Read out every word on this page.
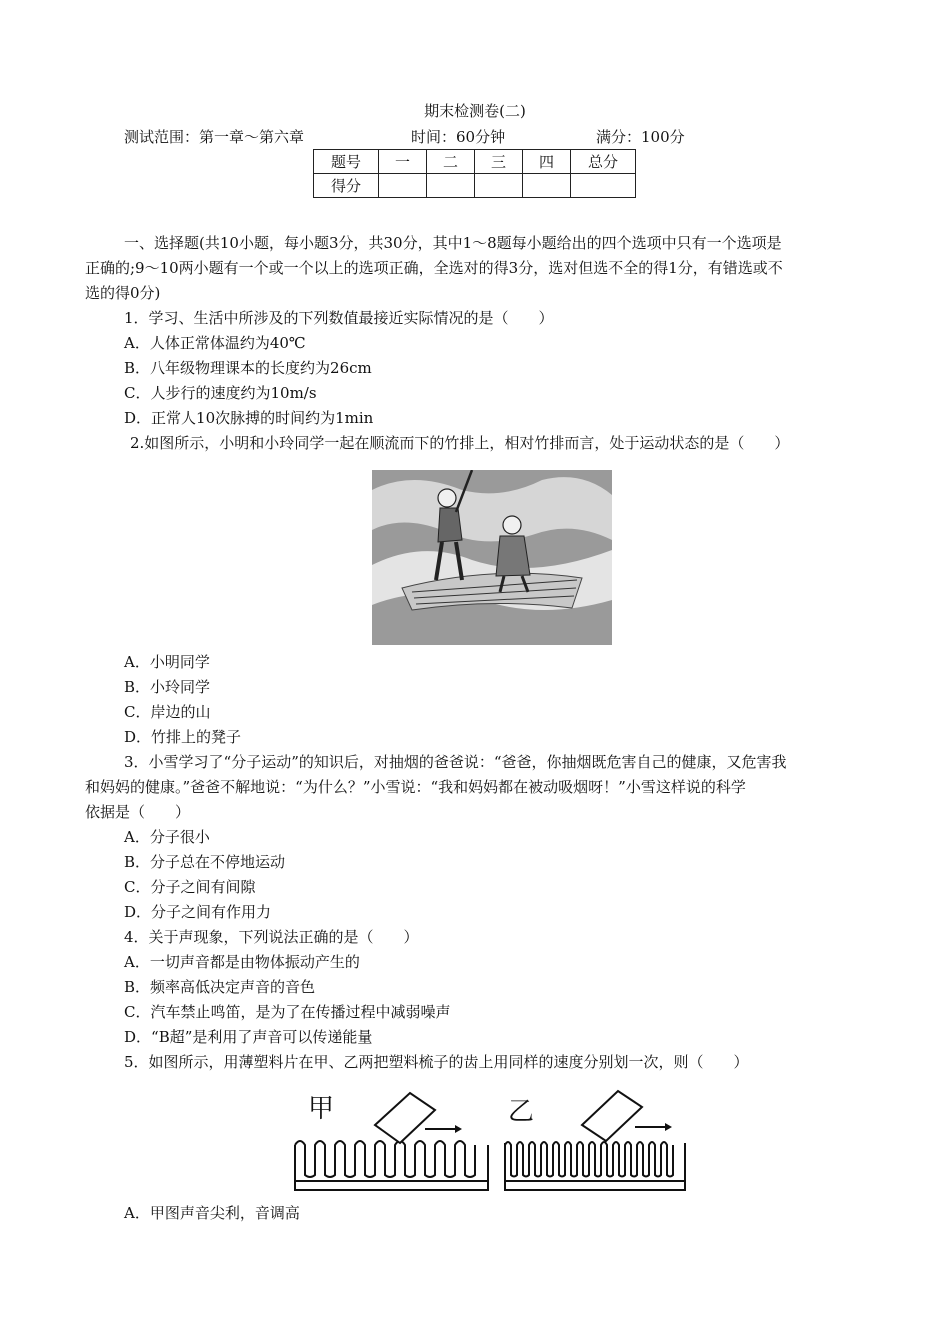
期末检测卷(二)
测试范围：第一章～第六章	时间：60分钟	满分：100分
题号	一	二	三	四	总分
得分					
一、选择题(共10小题，每小题3分，共30分，其中1～8题每小题给出的四个选项中只有一个选项是
正确的;9～10两小题有一个或一个以上的选项正确，全选对的得3分，选对但选不全的得1分，有错选或不
选的得0分)
1．学习、生活中所涉及的下列数值最接近实际情况的是（　　）
A．人体正常体温约为40℃
B．八年级物理课本的长度约为26cm
C．人步行的速度约为10m/s
D．正常人10次脉搏的时间约为1min
2.如图所示，小明和小玲同学一起在顺流而下的竹排上，相对竹排而言，处于运动状态的是（　　）
A．小明同学
B．小玲同学
C．岸边的山
D．竹排上的凳子
3．小雪学习了“分子运动”的知识后，对抽烟的爸爸说：“爸爸，你抽烟既危害自己的健康，又危害我
和妈妈的健康。”爸爸不解地说：“为什么？”小雪说：“我和妈妈都在被动吸烟呀！”小雪这样说的科学
依据是（　　）
A．分子很小
B．分子总在不停地运动
C．分子之间有间隙
D．分子之间有作用力
4．关于声现象，下列说法正确的是（　　）
A．一切声音都是由物体振动产生的
B．频率高低决定声音的音色
C．汽车禁止鸣笛，是为了在传播过程中减弱噪声
D．“B超”是利用了声音可以传递能量
5．如图所示，用薄塑料片在甲、乙两把塑料梳子的齿上用同样的速度分别划一次，则（　　）
甲	乙
A．甲图声音尖利，音调高
